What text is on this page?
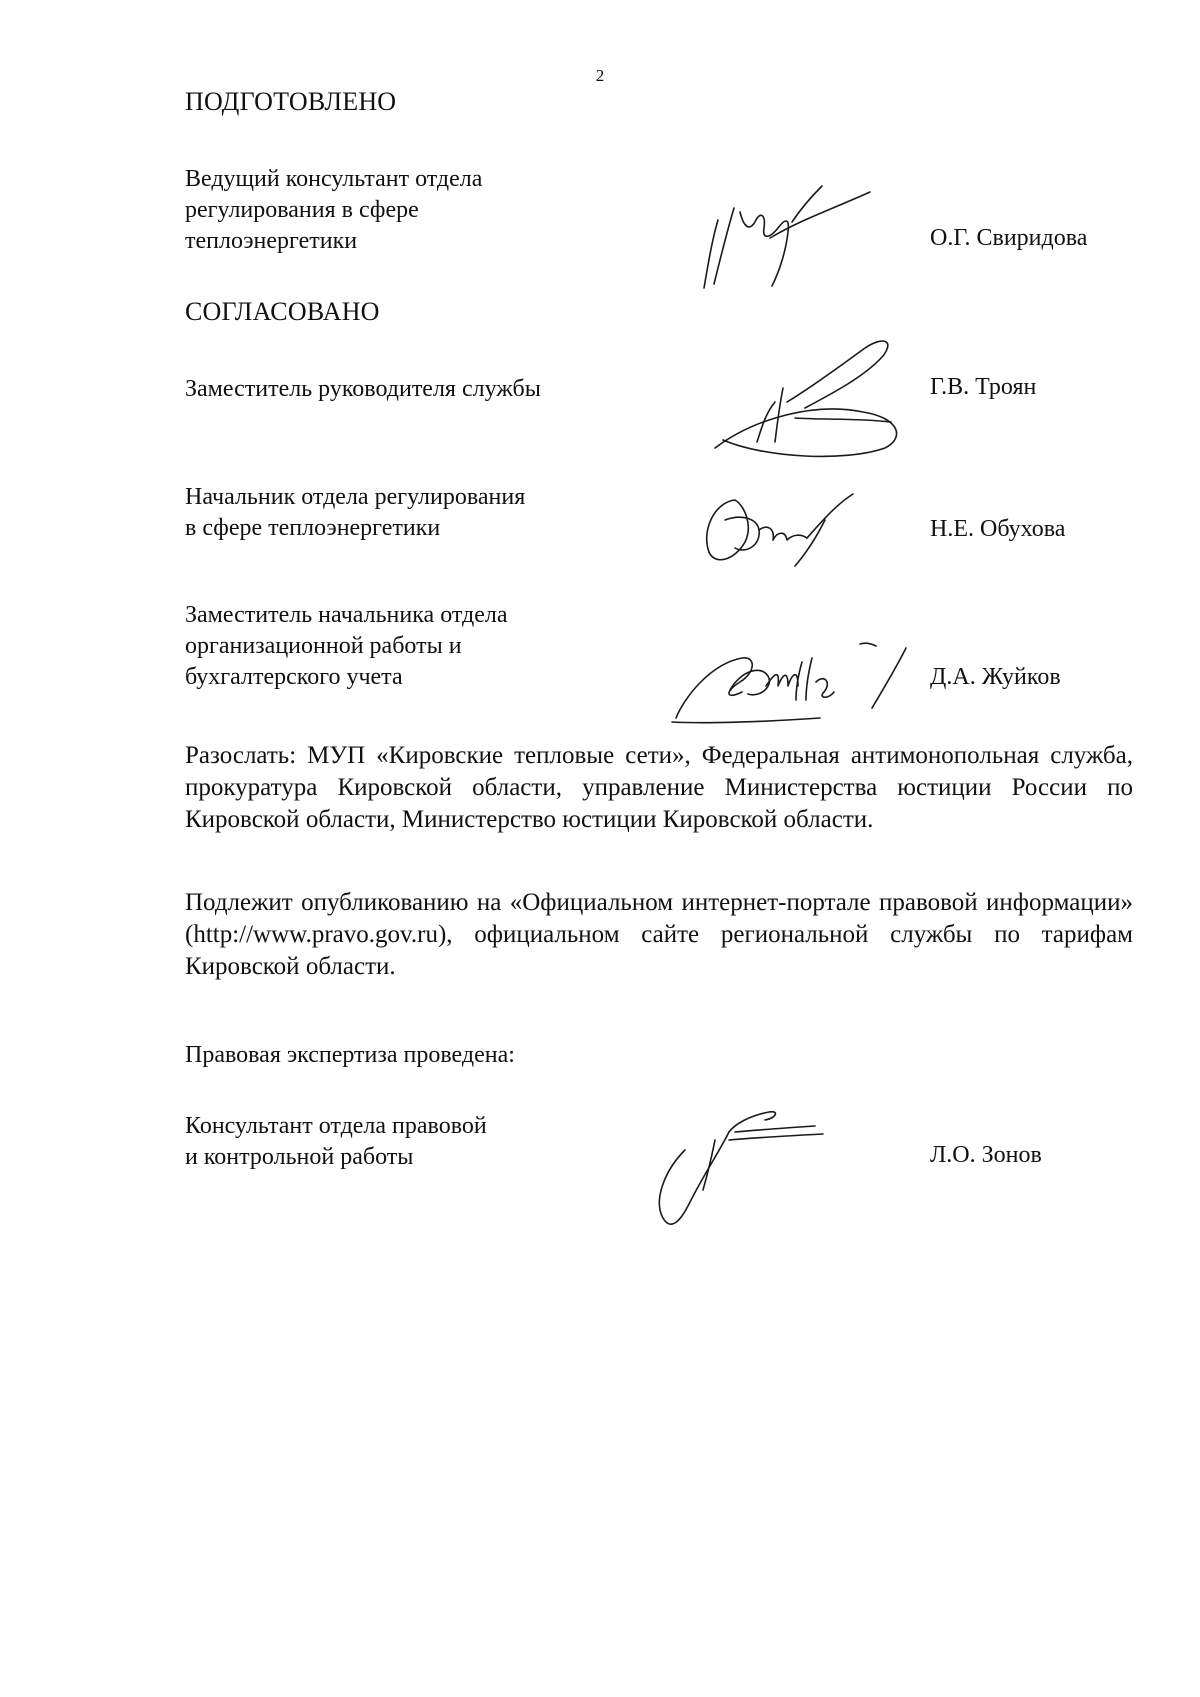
2
ПОДГОТОВЛЕНО
Ведущий консультант отдела
регулирования в сфере
теплоэнергетики	О.Г. Свиридова
СОГЛАСОВАНО
Заместитель руководителя службы	Г.В. Троян
Начальник отдела регулирования
в сфере теплоэнергетики	Н.Е. Обухова
Заместитель начальника отдела
организационной работы и
бухгалтерского учета	Д.А. Жуйков

Разослать: МУП «Кировские тепловые сети», Федеральная антимонопольная служба, прокуратура Кировской области, управление Министерства юстиции России по Кировской области, Министерство юстиции Кировской области.

Подлежит опубликованию на «Официальном интернет-портале правовой информации» (http://www.pravo.gov.ru), официальном сайте региональной службы по тарифам Кировской области.

Правовая экспертиза проведена:
Консультант отдела правовой
и контрольной работы	Л.О. Зонов
